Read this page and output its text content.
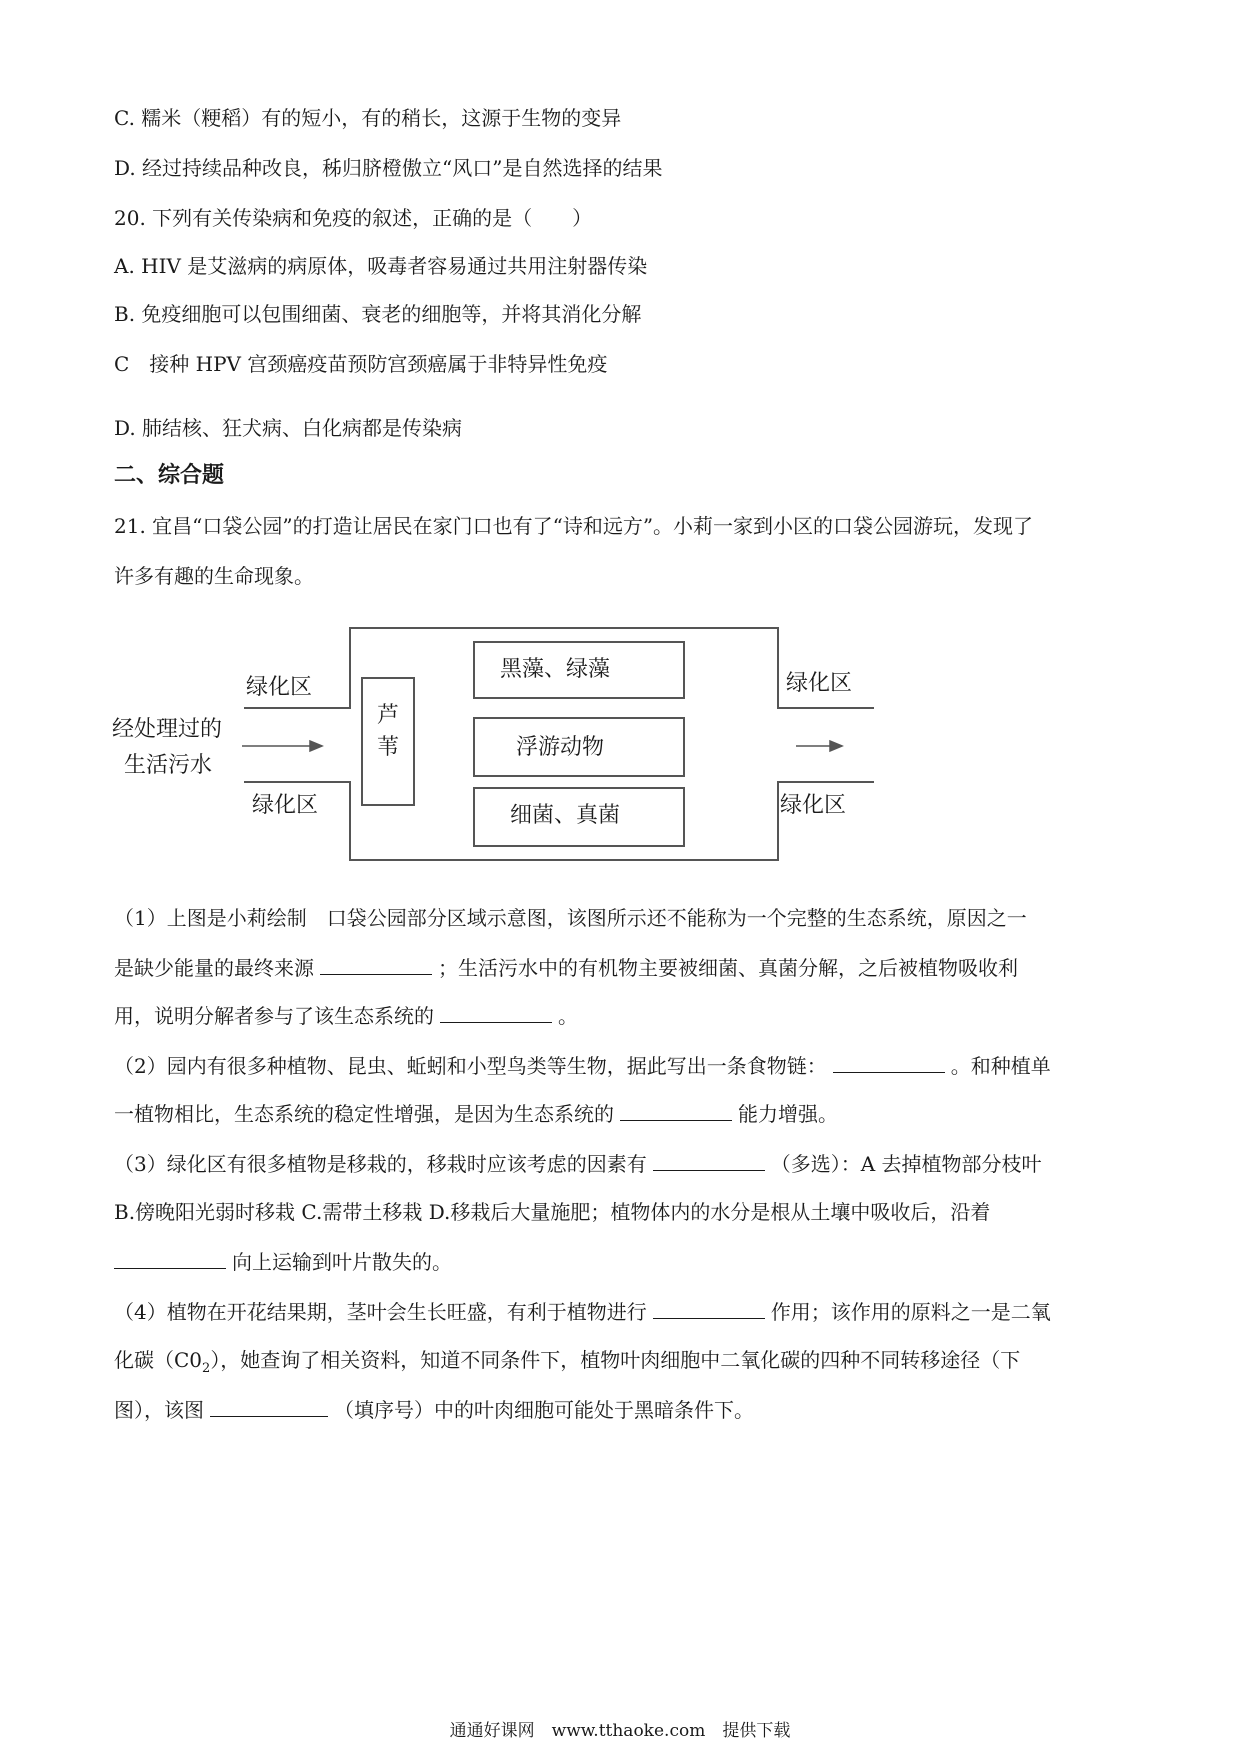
C. 糯米（粳稻）有的短小，有的稍长，这源于生物的变异
D. 经过持续品种改良，秭归脐橙傲立“风口”是自然选择的结果
20. 下列有关传染病和免疫的叙述，正确的是（　　）
A. HIV 是艾滋病的病原体，吸毒者容易通过共用注射器传染
B. 免疫细胞可以包围细菌、衰老的细胞等，并将其消化分解
C　接种 HPV 宫颈癌疫苗预防宫颈癌属于非特异性免疫
D. 肺结核、狂犬病、白化病都是传染病
二、综合题
21. 宜昌“口袋公园”的打造让居民在家门口也有了“诗和远方”。小莉一家到小区的口袋公园游玩，发现了
许多有趣的生命现象。
经处理过的
生活污水
绿化区
绿化区
绿化区
绿化区
芦
苇
黑藻、绿藻
浮游动物
细菌、真菌
（1）上图是小莉绘制　口袋公园部分区域示意图，该图所示还不能称为一个完整的生态系统，原因之一
是缺少能量的最终来源	；生活污水中的有机物主要被细菌、真菌分解，之后被植物吸收利
用，说明分解者参与了该生态系统的	。
（2）园内有很多种植物、昆虫、蚯蚓和小型鸟类等生物，据此写出一条食物链：	。和种植单
一植物相比，生态系统的稳定性增强，是因为生态系统的	能力增强。
（3）绿化区有很多植物是移栽的，移栽时应该考虑的因素有	（多选）：A 去掉植物部分枝叶
B.傍晚阳光弱时移栽 C.需带土移栽 D.移栽后大量施肥；植物体内的水分是根从土壤中吸收后，沿着
向上运输到叶片散失的。
（4）植物在开花结果期，茎叶会生长旺盛，有利于植物进行	作用；该作用的原料之一是二氧
化碳$(C0_2)$，她查询了相关资料，知道不同条件下，植物叶肉细胞中二氧化碳的四种不同转移途径（下
图），该图	（填序号）中的叶肉细胞可能处于黑暗条件下。
通通好课网　www.tthaoke.com　提供下载
